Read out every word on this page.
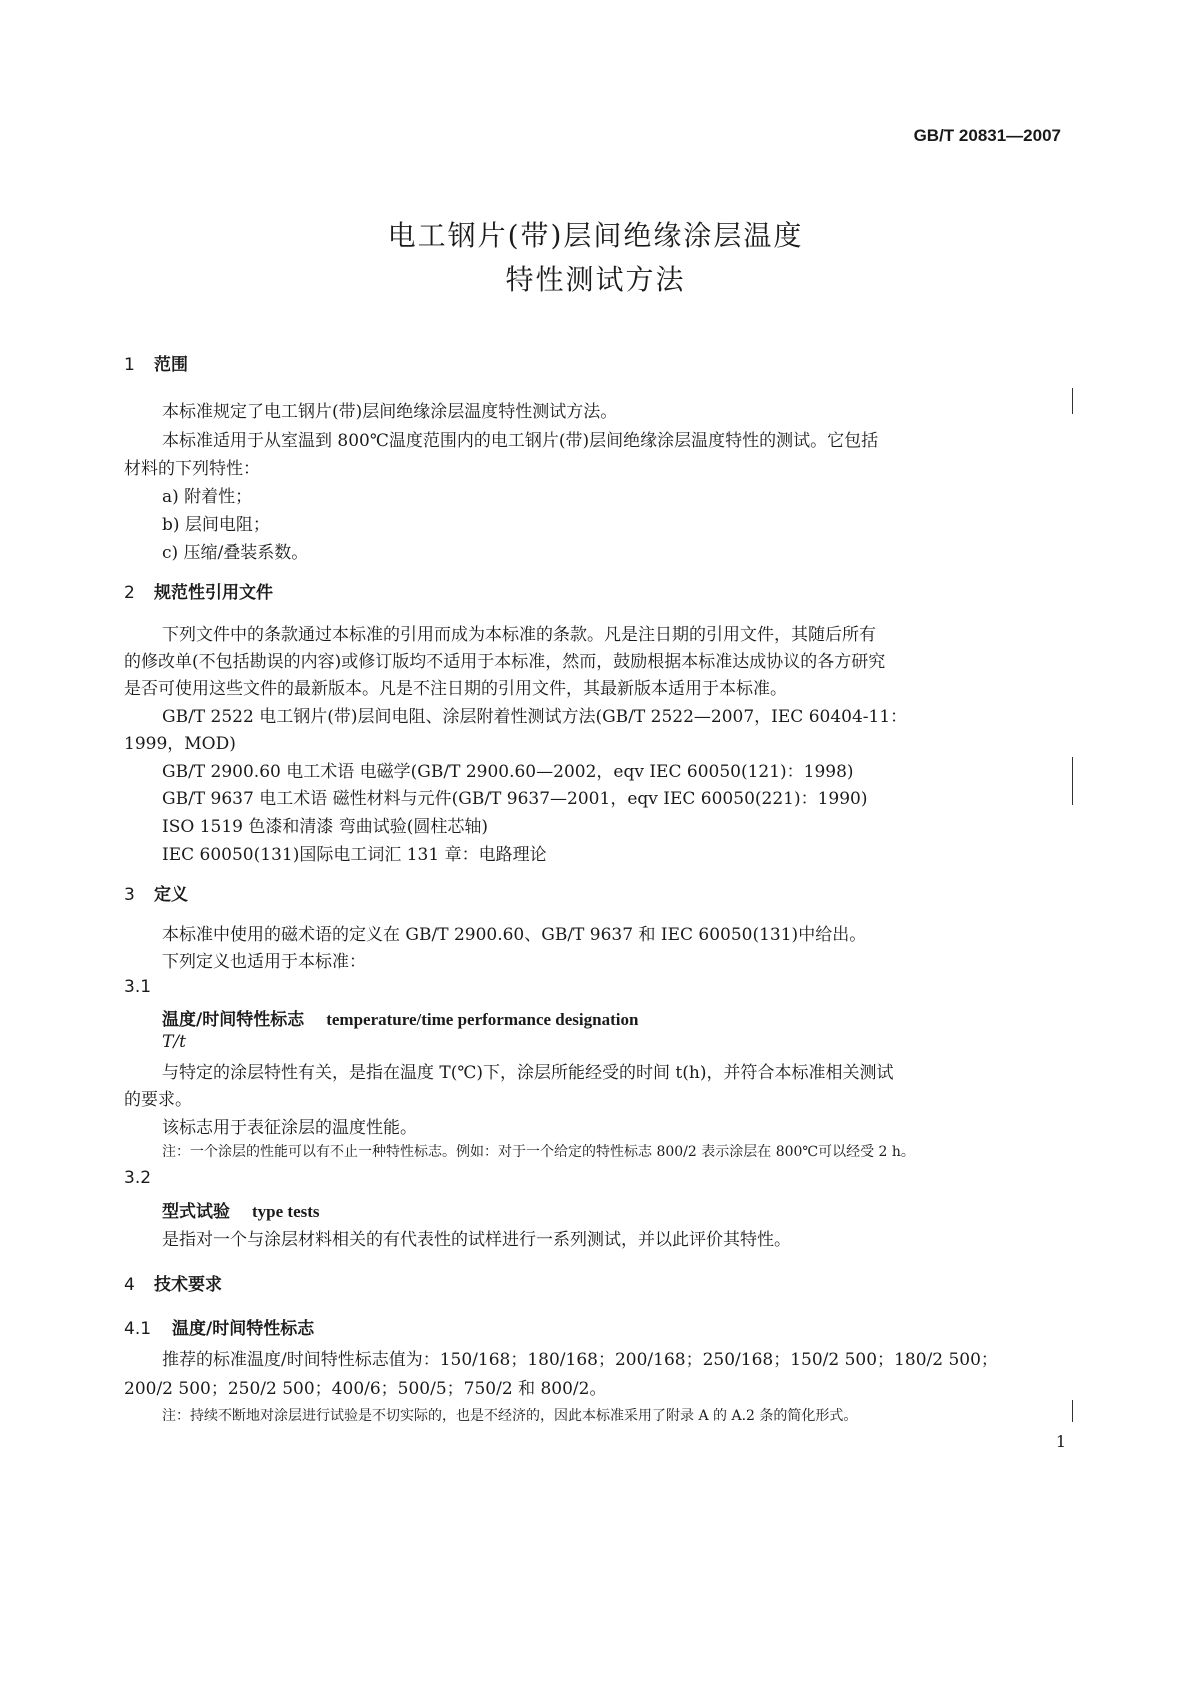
GB/T 20831—2007
电工钢片(带)层间绝缘涂层温度
特性测试方法
1 范围
本标准规定了电工钢片(带)层间绝缘涂层温度特性测试方法。
本标准适用于从室温到 800℃温度范围内的电工钢片(带)层间绝缘涂层温度特性的测试。它包括
材料的下列特性：
a) 附着性；
b) 层间电阻；
c) 压缩/叠装系数。
2 规范性引用文件
下列文件中的条款通过本标准的引用而成为本标准的条款。凡是注日期的引用文件，其随后所有
的修改单(不包括勘误的内容)或修订版均不适用于本标准，然而，鼓励根据本标准达成协议的各方研究
是否可使用这些文件的最新版本。凡是不注日期的引用文件，其最新版本适用于本标准。
GB/T 2522 电工钢片(带)层间电阻、涂层附着性测试方法(GB/T 2522—2007，IEC 60404-11：
1999，MOD)
GB/T 2900.60 电工术语 电磁学(GB/T 2900.60—2002，eqv IEC 60050(121)：1998)
GB/T 9637 电工术语 磁性材料与元件(GB/T 9637—2001，eqv IEC 60050(221)：1990)
ISO 1519 色漆和清漆 弯曲试验(圆柱芯轴)
IEC 60050(131)国际电工词汇 131 章：电路理论
3 定义
本标准中使用的磁术语的定义在 GB/T 2900.60、GB/T 9637 和 IEC 60050(131)中给出。
下列定义也适用于本标准：
3.1
温度/时间特性标志 temperature/time performance designation
T/t
与特定的涂层特性有关，是指在温度 T(℃)下，涂层所能经受的时间 t(h)，并符合本标准相关测试
的要求。
该标志用于表征涂层的温度性能。
注：一个涂层的性能可以有不止一种特性标志。例如：对于一个给定的特性标志 800/2 表示涂层在 800℃可以经受 2 h。
3.2
型式试验 type tests
是指对一个与涂层材料相关的有代表性的试样进行一系列测试，并以此评价其特性。
4 技术要求
4.1 温度/时间特性标志
推荐的标准温度/时间特性标志值为：150/168；180/168；200/168；250/168；150/2 500；180/2 500；
200/2 500；250/2 500；400/6；500/5；750/2 和 800/2。
注：持续不断地对涂层进行试验是不切实际的，也是不经济的，因此本标准采用了附录 A 的 A.2 条的简化形式。
1
